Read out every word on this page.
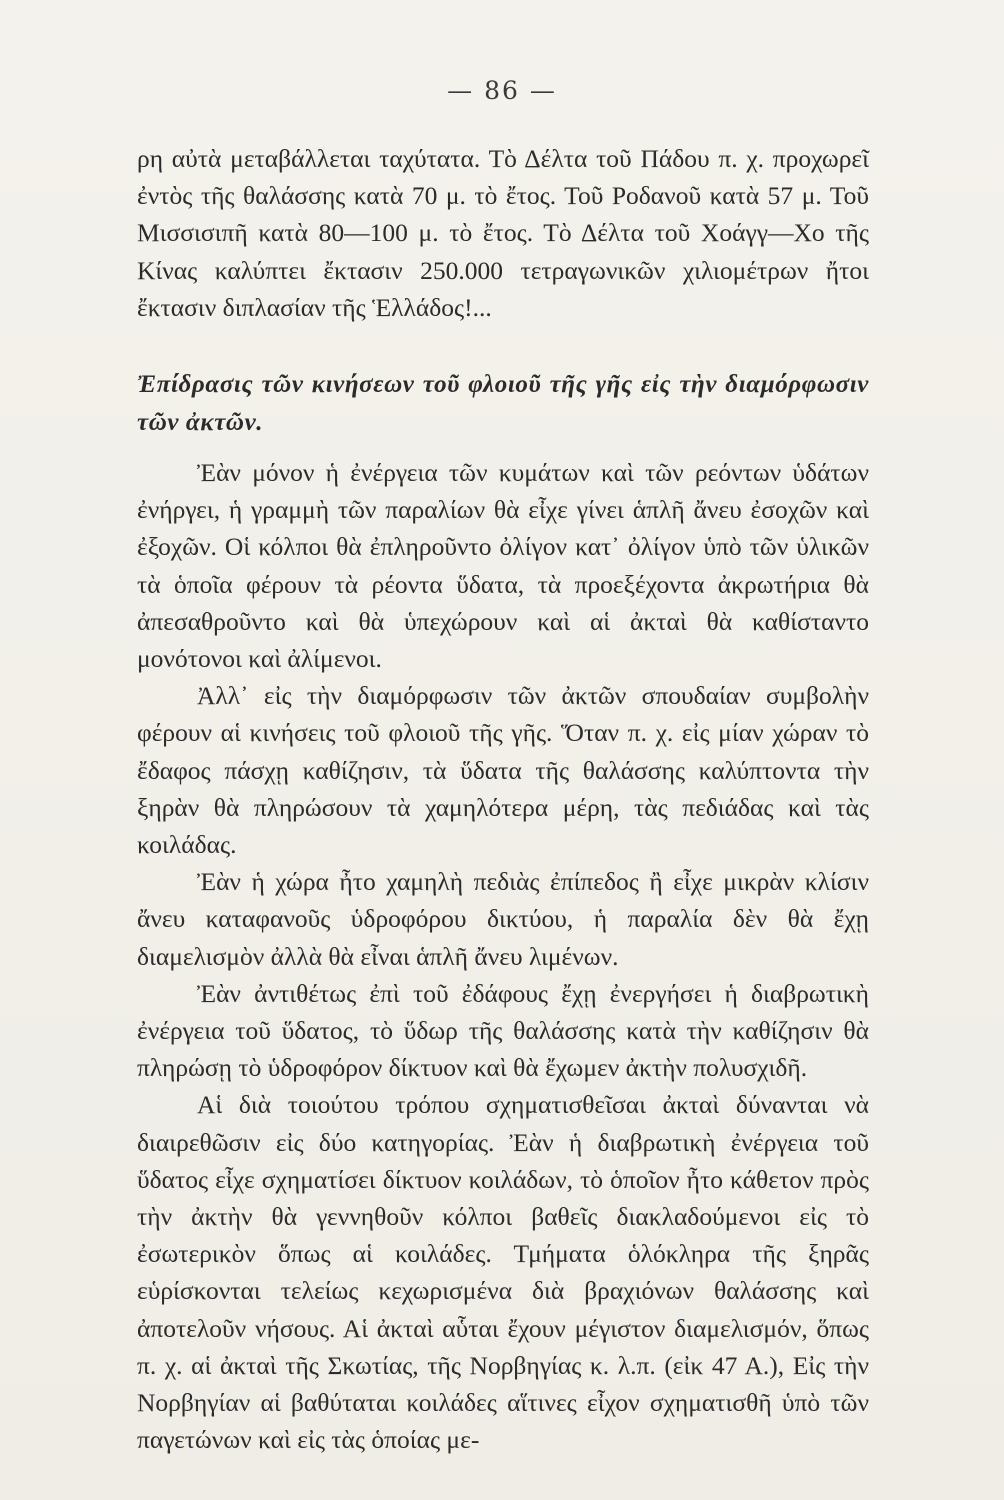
— 86 —

ρη αὐτὰ μεταβάλλεται ταχύτατα. Τὸ Δέλτα τοῦ Πάδου π. χ. προχωρεῖ ἐντὸς τῆς θαλάσσης κατὰ 70 μ. τὸ ἔτος. Τοῦ Ροδανοῦ κατὰ 57 μ. Τοῦ Μισσισιπῆ κατὰ 80—100 μ. τὸ ἔτος. Τὸ Δέλτα τοῦ Χοάγγ—Χο τῆς Κίνας καλύπτει ἔκτασιν 250.000 τετραγωνικῶν χιλιομέτρων ἤτοι ἔκτασιν διπλασίαν τῆς Ἑλλάδος!...

Ἐπίδρασις τῶν κινήσεων τοῦ φλοιοῦ τῆς γῆς εἰς τὴν διαμόρφωσιν τῶν ἀκτῶν.

Ἐὰν μόνον ἡ ἐνέργεια τῶν κυμάτων καὶ τῶν ρεόντων ὑδάτων ἐνήργει, ἡ γραμμὴ τῶν παραλίων θὰ εἶχε γίνει ἁπλῆ ἄνευ ἐσοχῶν καὶ ἐξοχῶν. Οἱ κόλποι θὰ ἐπληροῦντο ὀλίγον κατ᾽ ὀλίγον ὑπὸ τῶν ὑλικῶν τὰ ὁποῖα φέρουν τὰ ρέοντα ὕδατα, τὰ προεξέχοντα ἀκρωτήρια θὰ ἀπεσαθροῦντο καὶ θὰ ὑπεχώρουν καὶ αἱ ἀκταὶ θὰ καθίσταντο μονότονοι καὶ ἀλίμενοι.

Ἀλλ᾽ εἰς τὴν διαμόρφωσιν τῶν ἀκτῶν σπουδαίαν συμβολὴν φέρουν αἱ κινήσεις τοῦ φλοιοῦ τῆς γῆς. Ὅταν π. χ. εἰς μίαν χώραν τὸ ἔδαφος πάσχῃ καθίζησιν, τὰ ὕδατα τῆς θαλάσσης καλύπτοντα τὴν ξηρὰν θὰ πληρώσουν τὰ χαμηλότερα μέρη, τὰς πεδιάδας καὶ τὰς κοιλάδας.

Ἐὰν ἡ χώρα ἦτο χαμηλὴ πεδιὰς ἐπίπεδος ἢ εἶχε μικρὰν κλίσιν ἄνευ καταφανοῦς ὑδροφόρου δικτύου, ἡ παραλία δὲν θὰ ἔχῃ διαμελισμὸν ἀλλὰ θὰ εἶναι ἁπλῆ ἄνευ λιμένων.

Ἐὰν ἀντιθέτως ἐπὶ τοῦ ἐδάφους ἔχῃ ἐνεργήσει ἡ διαβρωτικὴ ἐνέργεια τοῦ ὕδατος, τὸ ὕδωρ τῆς θαλάσσης κατὰ τὴν καθίζησιν θὰ πληρώσῃ τὸ ὑδροφόρον δίκτυον καὶ θὰ ἔχωμεν ἀκτὴν πολυσχιδῆ.

Αἱ διὰ τοιούτου τρόπου σχηματισθεῖσαι ἀκταὶ δύνανται νὰ διαιρεθῶσιν εἰς δύο κατηγορίας. Ἐὰν ἡ διαβρωτικὴ ἐνέργεια τοῦ ὕδατος εἶχε σχηματίσει δίκτυον κοιλάδων, τὸ ὁποῖον ἦτο κάθετον πρὸς τὴν ἀκτὴν θὰ γεννηθοῦν κόλποι βαθεῖς διακλαδούμενοι εἰς τὸ ἐσωτερικὸν ὅπως αἱ κοιλάδες. Τμήματα ὁλόκληρα τῆς ξηρᾶς εὑρίσκονται τελείως κεχωρισμένα διὰ βραχιόνων θαλάσσης καὶ ἀποτελοῦν νήσους. Αἱ ἀκταὶ αὗται ἔχουν μέγιστον διαμελισμόν, ὅπως π. χ. αἱ ἀκταὶ τῆς Σκωτίας, τῆς Νορβηγίας κ. λ.π. (εἰκ 47 Α.), Εἰς τὴν Νορβηγίαν αἱ βαθύταται κοιλάδες αἵτινες εἶχον σχηματισθῆ ὑπὸ τῶν παγετώνων καὶ εἰς τὰς ὁποίας με-
